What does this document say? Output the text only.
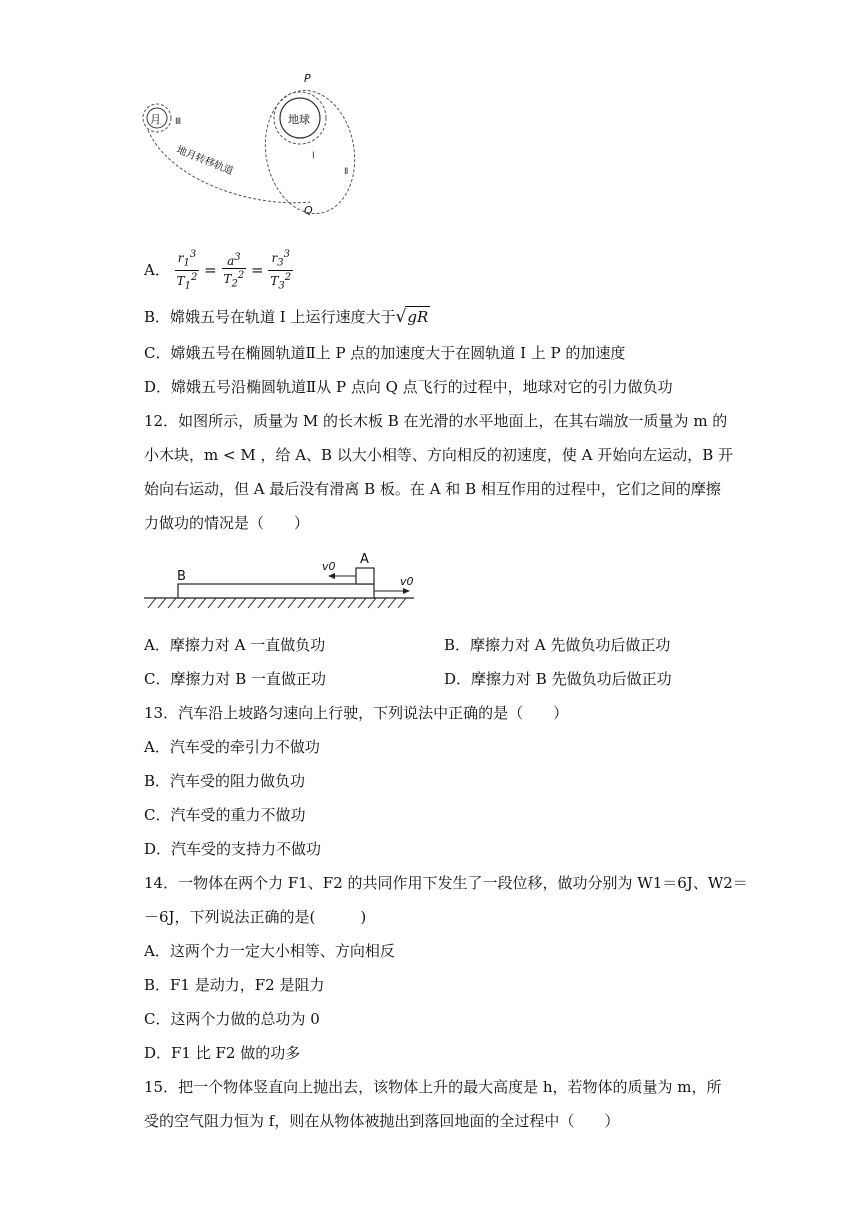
月 Ⅲ	地球
Ⅰ
Ⅱ
P
Q
地月转移轨道
A． $\frac{r_1^3}{T_1^2} = \frac{a^3}{T_2^2} = \frac{r_3^3}{T_3^2}$
B．嫦娥五号在轨道 I 上运行速度大于√gR
C．嫦娥五号在椭圆轨道Ⅱ上 P 点的加速度大于在圆轨道 I 上 P 的加速度
D．嫦娥五号沿椭圆轨道Ⅱ从 P 点向 Q 点飞行的过程中，地球对它的引力做负功
12．如图所示，质量为 M 的长木板 B 在光滑的水平地面上，在其右端放一质量为 m 的
小木块，m < M ，给 A、B 以大小相等、方向相反的初速度，使 A 开始向左运动，B 开
始向右运动，但 A 最后没有滑离 B 板。在 A 和 B 相互作用的过程中，它们之间的摩擦
力做功的情况是（　　）
B
A
v0
v0
A．摩擦力对 A 一直做负功	B．摩擦力对 A 先做负功后做正功
C．摩擦力对 B 一直做正功	D．摩擦力对 B 先做负功后做正功
13．汽车沿上坡路匀速向上行驶，下列说法中正确的是（　　）
A．汽车受的牵引力不做功
B．汽车受的阻力做负功
C．汽车受的重力不做功
D．汽车受的支持力不做功
14．一物体在两个力 F1、F2 的共同作用下发生了一段位移，做功分别为 W1＝6J、W2＝
－6J，下列说法正确的是(　　　)
A．这两个力一定大小相等、方向相反
B．F1 是动力，F2 是阻力
C．这两个力做的总功为 0
D．F1 比 F2 做的功多
15．把一个物体竖直向上抛出去，该物体上升的最大高度是 h，若物体的质量为 m，所
受的空气阻力恒为 f，则在从物体被抛出到落回地面的全过程中（　　）
